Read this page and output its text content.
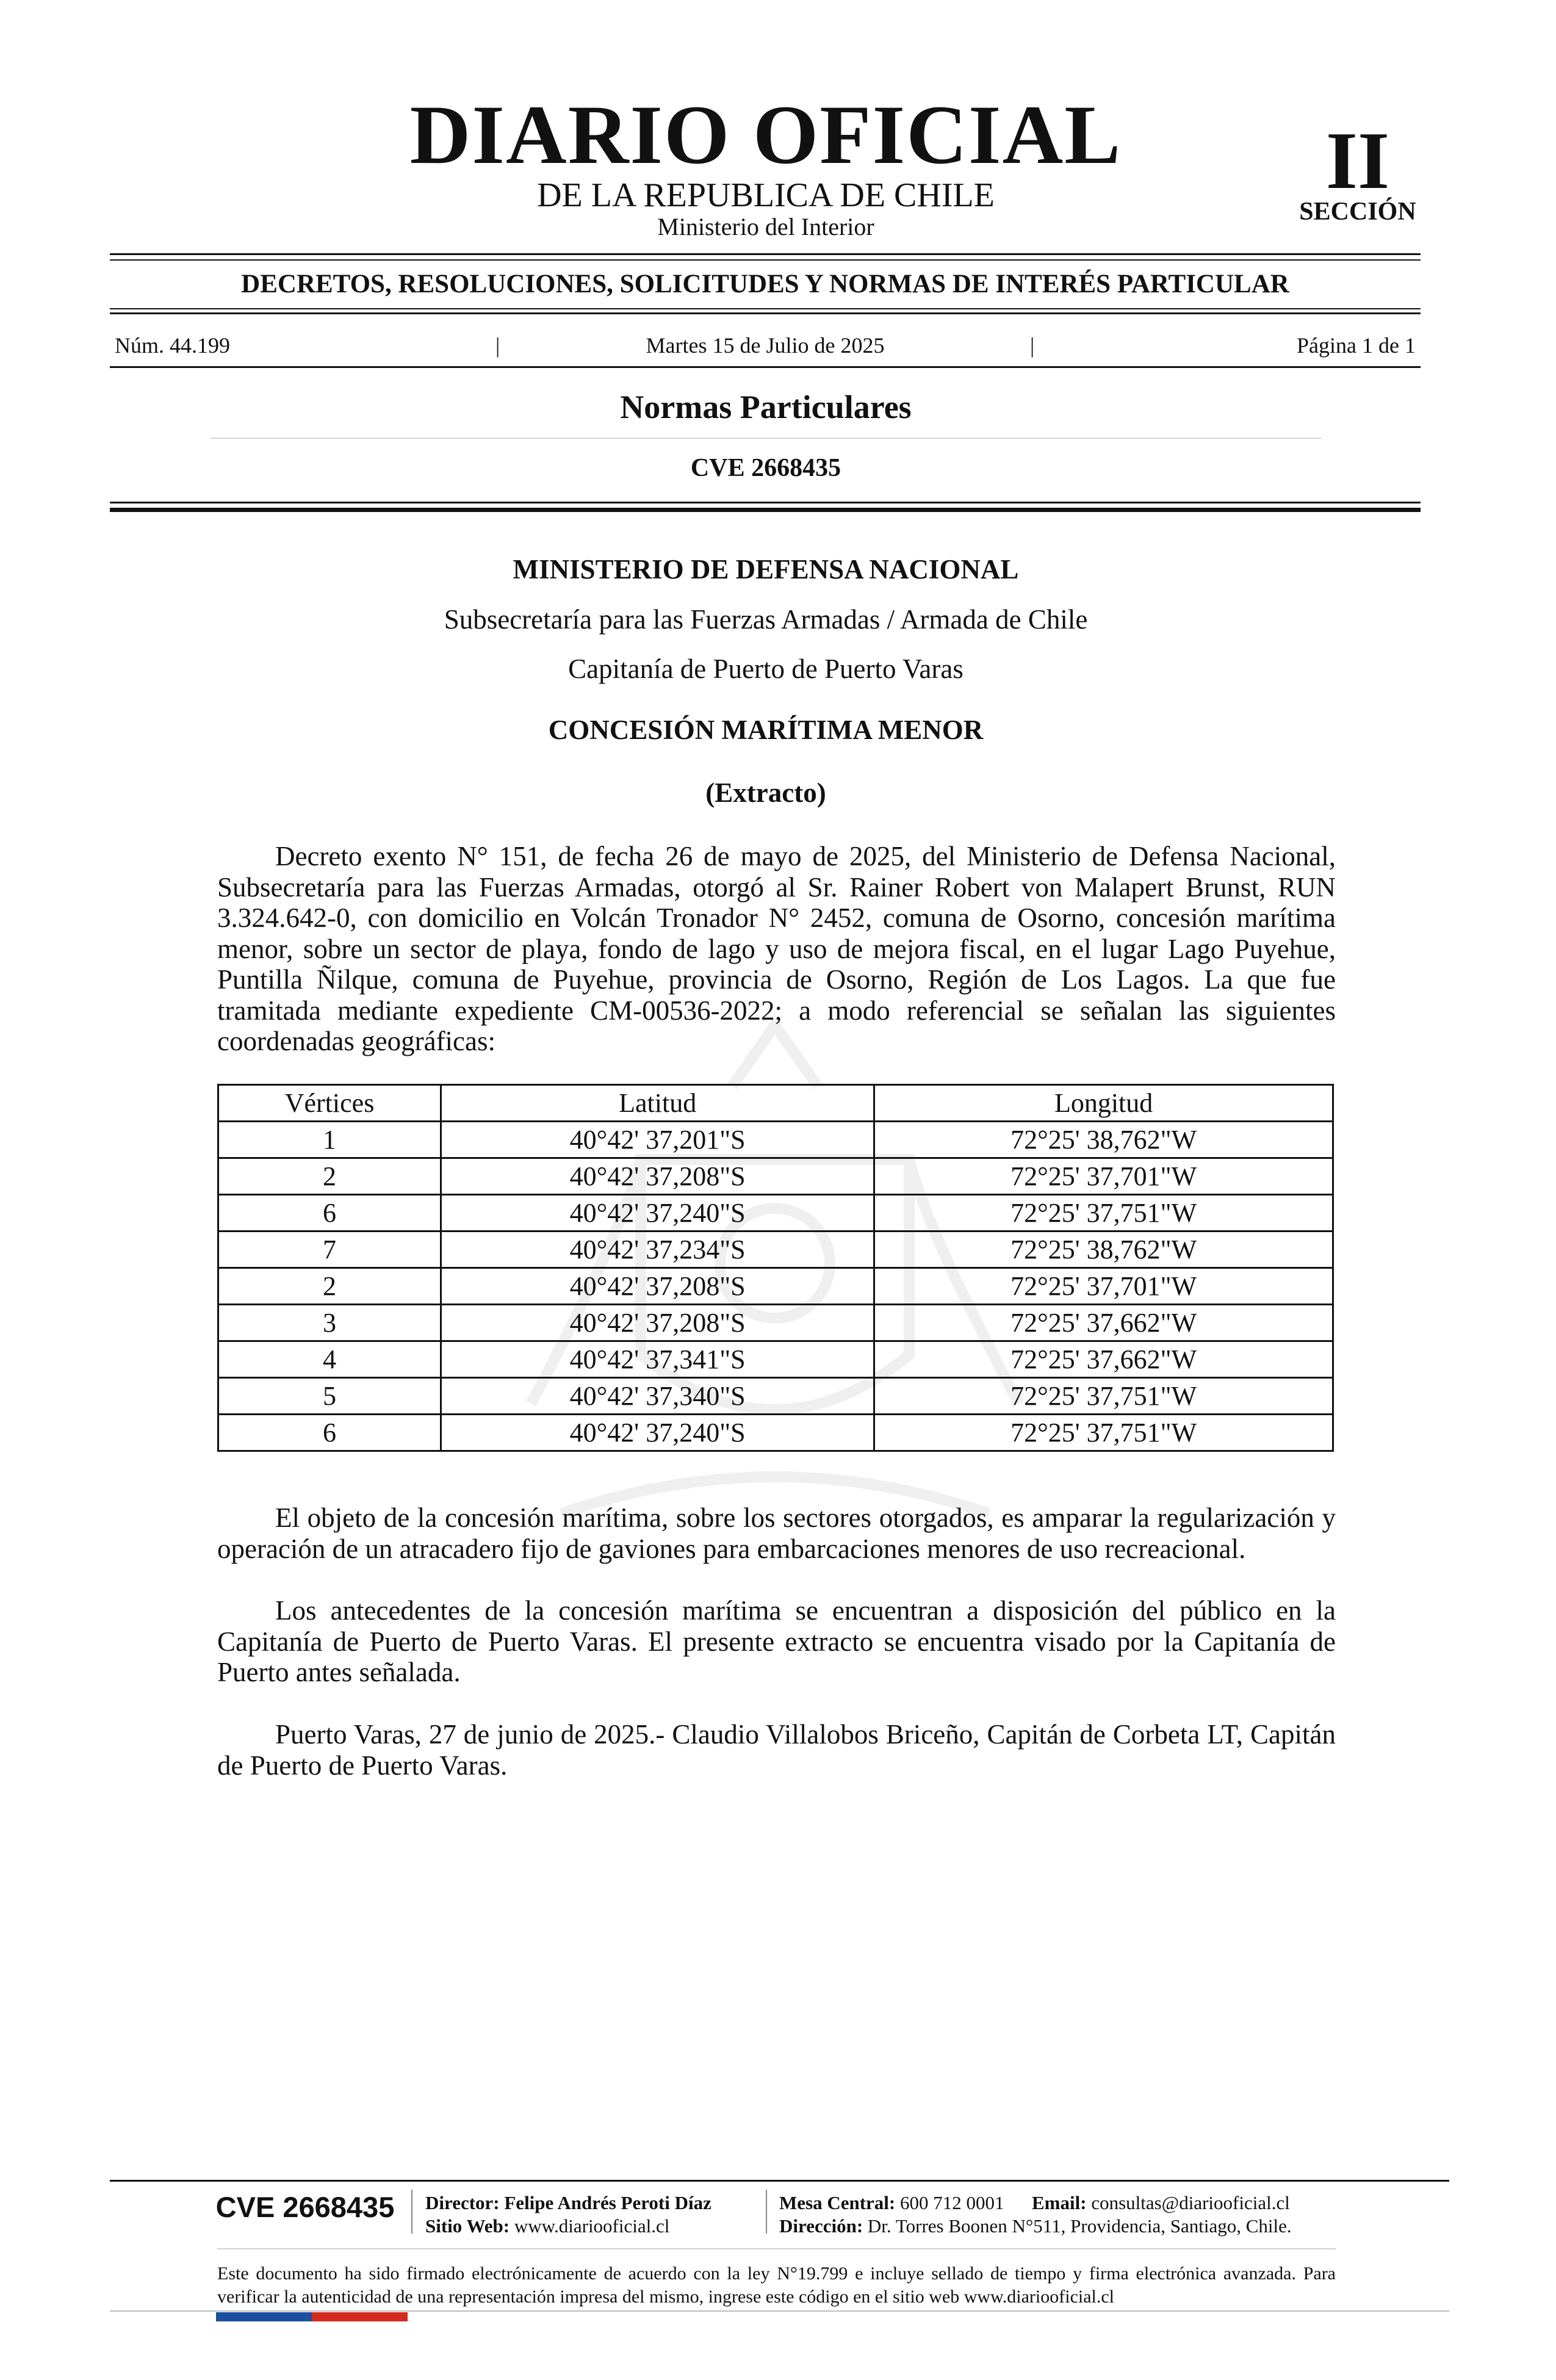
DIARIO OFICIAL
DE LA REPUBLICA DE CHILE
Ministerio del Interior
II
SECCIÓN
DECRETOS, RESOLUCIONES, SOLICITUDES Y NORMAS DE INTERÉS PARTICULAR
Núm. 44.199	|	Martes 15 de Julio de 2025	|	Página 1 de 1
Normas Particulares
CVE 2668435
MINISTERIO DE DEFENSA NACIONAL
Subsecretaría para las Fuerzas Armadas / Armada de Chile
Capitanía de Puerto de Puerto Varas
CONCESIÓN MARÍTIMA MENOR
(Extracto)

Decreto exento N° 151, de fecha 26 de mayo de 2025, del Ministerio de Defensa Nacional, Subsecretaría para las Fuerzas Armadas, otorgó al Sr. Rainer Robert von Malapert Brunst, RUN 3.324.642-0, con domicilio en Volcán Tronador N° 2452, comuna de Osorno, concesión marítima menor, sobre un sector de playa, fondo de lago y uso de mejora fiscal, en el lugar Lago Puyehue, Puntilla Ñilque, comuna de Puyehue, provincia de Osorno, Región de Los Lagos. La que fue tramitada mediante expediente CM-00536-2022; a modo referencial se señalan las siguientes coordenadas geográficas:

Vértices	Latitud	Longitud
1	40°42' 37,201"S	72°25' 38,762"W
2	40°42' 37,208"S	72°25' 37,701"W
6	40°42' 37,240"S	72°25' 37,751"W
7	40°42' 37,234"S	72°25' 38,762"W
2	40°42' 37,208"S	72°25' 37,701"W
3	40°42' 37,208"S	72°25' 37,662"W
4	40°42' 37,341"S	72°25' 37,662"W
5	40°42' 37,340"S	72°25' 37,751"W
6	40°42' 37,240"S	72°25' 37,751"W

El objeto de la concesión marítima, sobre los sectores otorgados, es amparar la regularización y operación de un atracadero fijo de gaviones para embarcaciones menores de uso recreacional.

Los antecedentes de la concesión marítima se encuentran a disposición del público en la Capitanía de Puerto de Puerto Varas. El presente extracto se encuentra visado por la Capitanía de Puerto antes señalada.

Puerto Varas, 27 de junio de 2025.- Claudio Villalobos Briceño, Capitán de Corbeta LT, Capitán de Puerto de Puerto Varas.

CVE 2668435	Director: Felipe Andrés Peroti Díaz
Sitio Web: www.diariooficial.cl
Mesa Central: 600 712 0001 Email: consultas@diariooficial.cl
Dirección: Dr. Torres Boonen N°511, Providencia, Santiago, Chile.
Este documento ha sido firmado electrónicamente de acuerdo con la ley N°19.799 e incluye sellado de tiempo y firma electrónica avanzada. Para verificar la autenticidad de una representación impresa del mismo, ingrese este código en el sitio web www.diariooficial.cl
